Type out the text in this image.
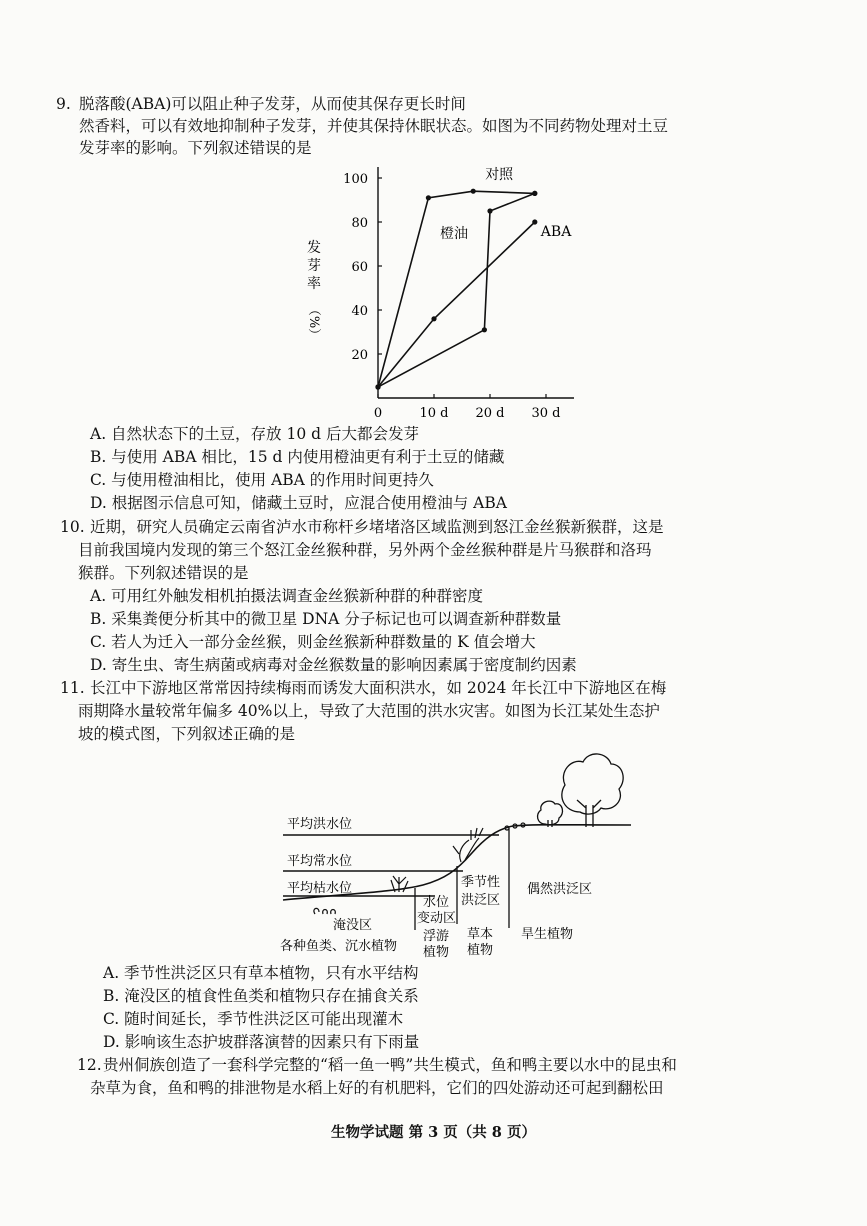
9. 脱落酸(ABA)可以阻止种子发芽，从而使其保存更长时间
然香料，可以有效地抑制种子发芽，并使其保持休眠状态。如图为不同药物处理对土豆
发芽率的影响。下列叙述错误的是
20
40
60
80
100
0	10 d 20 d 30 d
发
芽
率
（%）
对照
橙油	ABA
A. 自然状态下的土豆，存放 10 d 后大都会发芽
B. 与使用 ABA 相比，15 d 内使用橙油更有利于土豆的储藏
C. 与使用橙油相比，使用 ABA 的作用时间更持久
D. 根据图示信息可知，储藏土豆时，应混合使用橙油与 ABA
10. 近期，研究人员确定云南省泸水市称杆乡堵堵洛区域监测到怒江金丝猴新猴群，这是
目前我国境内发现的第三个怒江金丝猴种群，另外两个金丝猴种群是片马猴群和洛玛
猴群。下列叙述错误的是
A. 可用红外触发相机拍摄法调查金丝猴新种群的种群密度
B. 采集粪便分析其中的微卫星 DNA 分子标记也可以调查新种群数量
C. 若人为迁入一部分金丝猴，则金丝猴新种群数量的 K 值会增大
D. 寄生虫、寄生病菌或病毒对金丝猴数量的影响因素属于密度制约因素
11. 长江中下游地区常常因持续梅雨而诱发大面积洪水，如 2024 年长江中下游地区在梅
雨期降水量较常年偏多 40%以上，导致了大范围的洪水灾害。如图为长江某处生态护
坡的模式图，下列叙述正确的是
平均洪水位
平均常水位
平均枯水位
淹没区
各种鱼类、沉水植物
水位
变动区
浮游
植物
季节性
洪泛区
草本
植物
偶然洪泛区
旱生植物
A. 季节性洪泛区只有草本植物，只有水平结构
B. 淹没区的植食性鱼类和植物只存在捕食关系
C. 随时间延长，季节性洪泛区可能出现灌木
D. 影响该生态护坡群落演替的因素只有下雨量
12. 贵州侗族创造了一套科学完整的“稻一鱼一鸭”共生模式，鱼和鸭主要以水中的昆虫和
杂草为食，鱼和鸭的排泄物是水稻上好的有机肥料，它们的四处游动还可起到翻松田
生物学试题 第 3 页（共 8 页）
